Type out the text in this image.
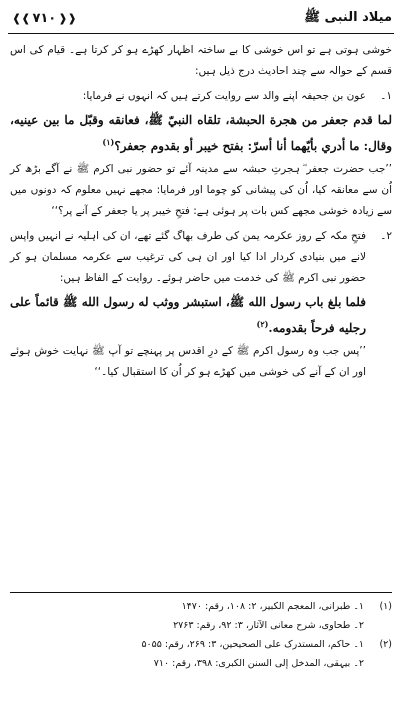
❰❰ ۷۱۰ ❱❱	میلاد النبی ﷺ

خوشی ہوتی ہے تو اس خوشی کا بے ساختہ اظہار کھڑے ہو کر کرتا ہے۔ قیام کی اس قسم کے حوالہ سے چند احادیث درج ذیل ہیں:

۱۔
عون بن جحیفہ اپنے والد سے روایت کرتے ہیں کہ انہوں نے فرمایا:

لما قدم جعفر من هجرة الحبشة، تلقاه النبيّ ﷺ، فعانقه وقبّل ما بين عينيه، وقال: ما أدري بأيّهما أنا أسرّ: بفتح خيبر أو بقدوم جعفر؟$^{(۱)}$

’’جب حضرت جعفر ؓ ہجرتِ حبشہ سے مدینہ آئے تو حضور نبی اکرم ﷺ نے آگے بڑھ کر اُن سے معانقہ کیا، اُن کی پیشانی کو چوما اور فرمایا: مجھے نہیں معلوم کہ دونوں میں سے زیادہ خوشی مجھے کس بات پر ہوئی ہے: فتحِ خیبر پر یا جعفر کے آنے پر؟‘‘

۲۔
فتحِ مکہ کے روز عکرمہ یمن کی طرف بھاگ گئے تھے، ان کی اہلیہ نے انہیں واپس لانے میں بنیادی کردار ادا کیا اور ان ہی کی ترغیب سے عکرمہ مسلمان ہو کر حضور نبی اکرم ﷺ کی خدمت میں حاضر ہوئے۔ روایت کے الفاظ ہیں:

فلما بلغ باب رسول الله ﷺ، استبشر ووثب له رسول الله ﷺ قائماً على رجليه فرحاً بقدومه.$^{(۲)}$

’’پس جب وہ رسول اکرم ﷺ کے درِ اقدس پر پہنچے تو آپ ﷺ نہایت خوش ہوئے اور ان کے آنے کی خوشی میں کھڑے ہو کر اُن کا استقبال کیا۔‘‘

(۱)
۱۔ طبرانی، المعجم الکبیر، ۲: ۱۰۸، رقم: ۱۴۷۰
۲۔ طحاوی، شرح معانی الآثار، ۳: ۹۲، رقم: ۲۷۶۳
(۲)
۱۔ حاکم، المستدرک علی الصحیحین، ۳: ۲۶۹، رقم: ۵۰۵۵
۲۔ بیہقی، المدخل إلی السنن الکبری: ۳۹۸، رقم: ۷۱۰
